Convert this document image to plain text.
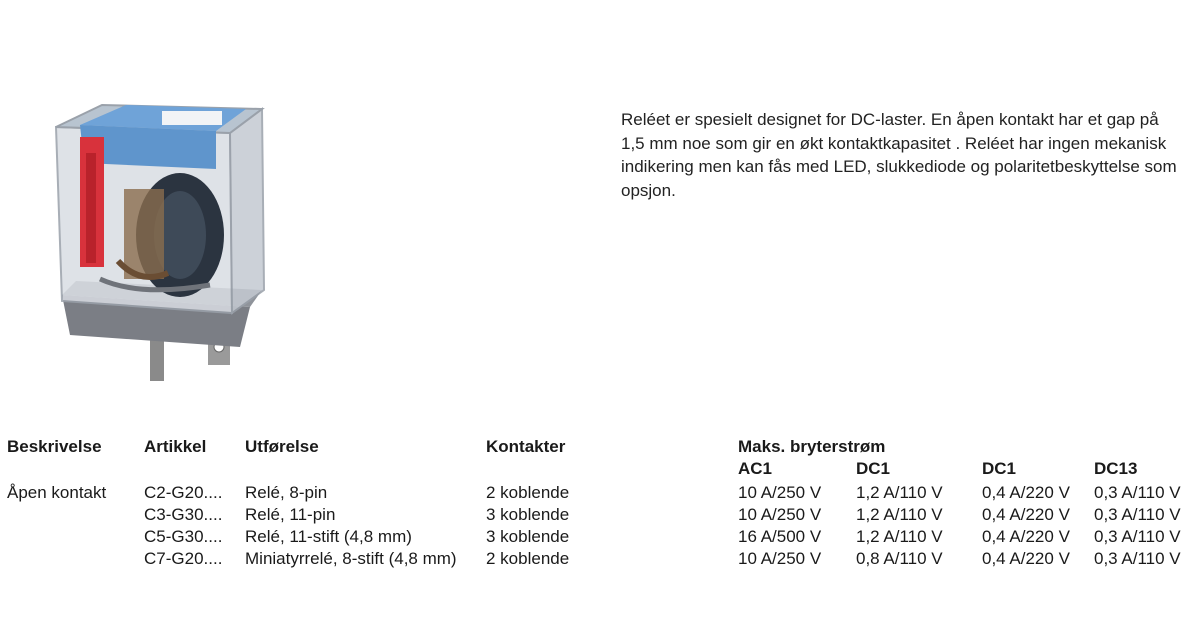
Reléet er spesielt designet for DC-laster. En åpen kontakt har et gap på 1,5 mm noe som gir en økt kontaktkapasitet . Reléet har ingen mekanisk indikering men kan fås med LED, slukkediode og polaritetbeskyttelse som opsjon.
Beskrivelse Artikkel Utførelse	Kontakter	Maks. bryterstrøm
AC1	DC1	DC1	DC13
Åpen kontakt C2-G20.... Relé, 8-pin	2 koblende	10 A/250 V 1,2 A/110 V 0,4 A/220 V 0,3 A/110 V
C3-G30.... Relé, 11-pin	3 koblende	10 A/250 V 1,2 A/110 V 0,4 A/220 V 0,3 A/110 V
C5-G30.... Relé, 11-stift (4,8 mm)	3 koblende	16 A/500 V 1,2 A/110 V 0,4 A/220 V 0,3 A/110 V
C7-G20.... Miniatyrrelé, 8-stift (4,8 mm) 2 koblende	10 A/250 V 0,8 A/110 V 0,4 A/220 V 0,3 A/110 V
